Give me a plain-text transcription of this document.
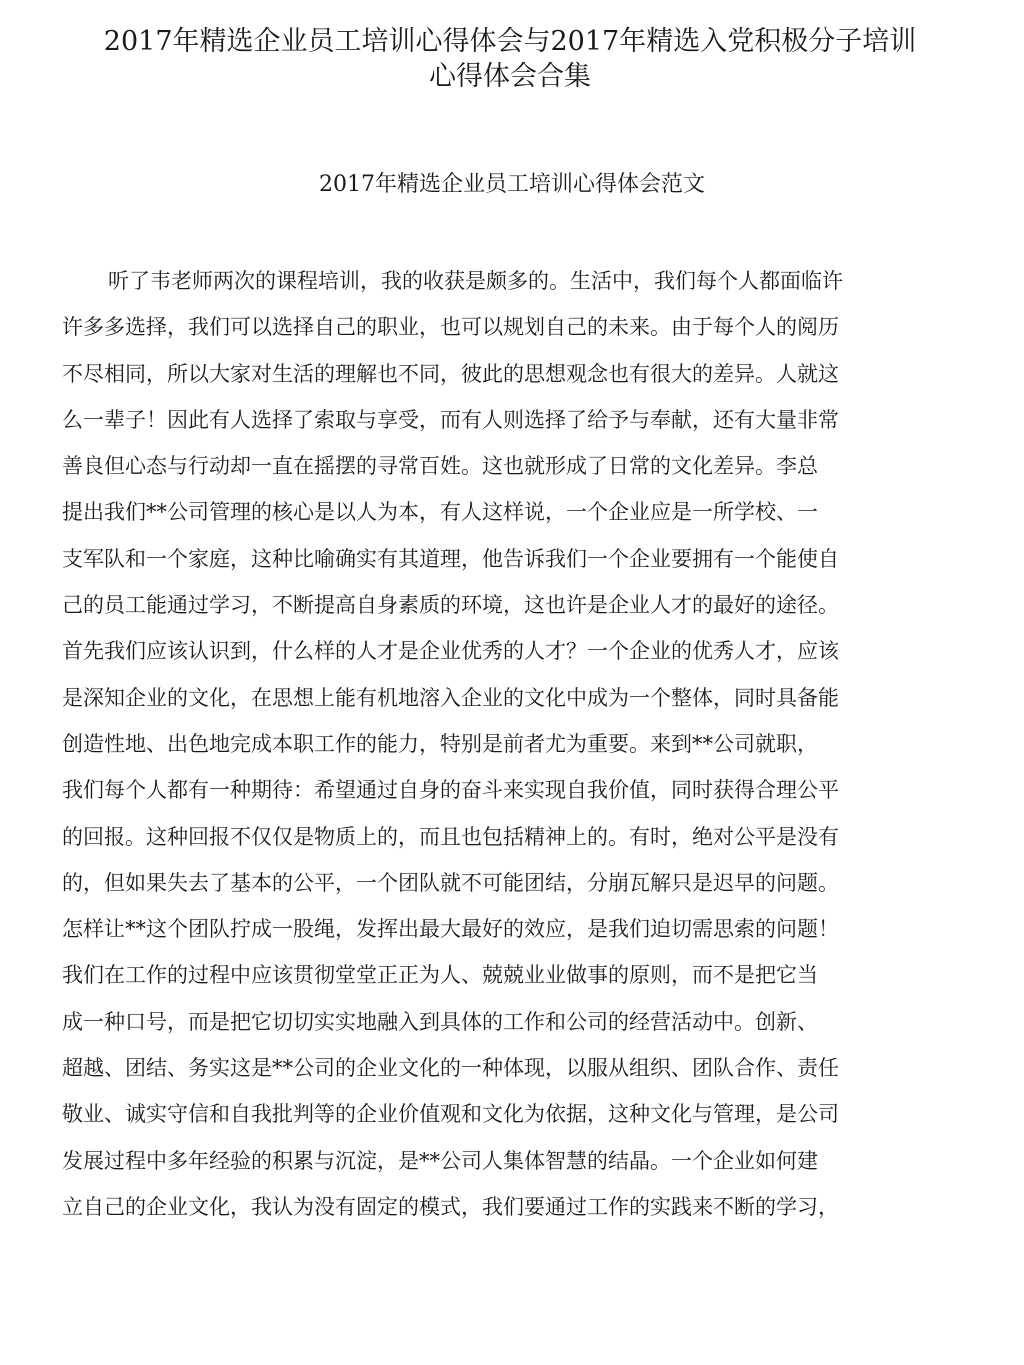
2017年精选企业员工培训心得体会与2017年精选入党积极分子培训
心得体会合集
2017年精选企业员工培训心得体会范文
听了韦老师两次的课程培训，我的收获是颇多的。生活中，我们每个人都面临许
许多多选择，我们可以选择自己的职业，也可以规划自己的未来。由于每个人的阅历
不尽相同，所以大家对生活的理解也不同，彼此的思想观念也有很大的差异。人就这
么一辈子！因此有人选择了索取与享受，而有人则选择了给予与奉献，还有大量非常
善良但心态与行动却一直在摇摆的寻常百姓。这也就形成了日常的文化差异。李总
提出我们**公司管理的核心是以人为本，有人这样说，一个企业应是一所学校、一
支军队和一个家庭，这种比喻确实有其道理，他告诉我们一个企业要拥有一个能使自
己的员工能通过学习，不断提高自身素质的环境，这也许是企业人才的最好的途径。
首先我们应该认识到，什么样的人才是企业优秀的人才？一个企业的优秀人才，应该
是深知企业的文化，在思想上能有机地溶入企业的文化中成为一个整体，同时具备能
创造性地、出色地完成本职工作的能力，特别是前者尤为重要。来到**公司就职，
我们每个人都有一种期待：希望通过自身的奋斗来实现自我价值，同时获得合理公平
的回报。这种回报不仅仅是物质上的，而且也包括精神上的。有时，绝对公平是没有
的，但如果失去了基本的公平，一个团队就不可能团结，分崩瓦解只是迟早的问题。
怎样让**这个团队拧成一股绳，发挥出最大最好的效应，是我们迫切需思索的问题！
我们在工作的过程中应该贯彻堂堂正正为人、兢兢业业做事的原则，而不是把它当
成一种口号，而是把它切切实实地融入到具体的工作和公司的经营活动中。创新、
超越、团结、务实这是**公司的企业文化的一种体现，以服从组织、团队合作、责任
敬业、诚实守信和自我批判等的企业价值观和文化为依据，这种文化与管理，是公司
发展过程中多年经验的积累与沉淀，是**公司人集体智慧的结晶。一个企业如何建
立自己的企业文化，我认为没有固定的模式，我们要通过工作的实践来不断的学习，
